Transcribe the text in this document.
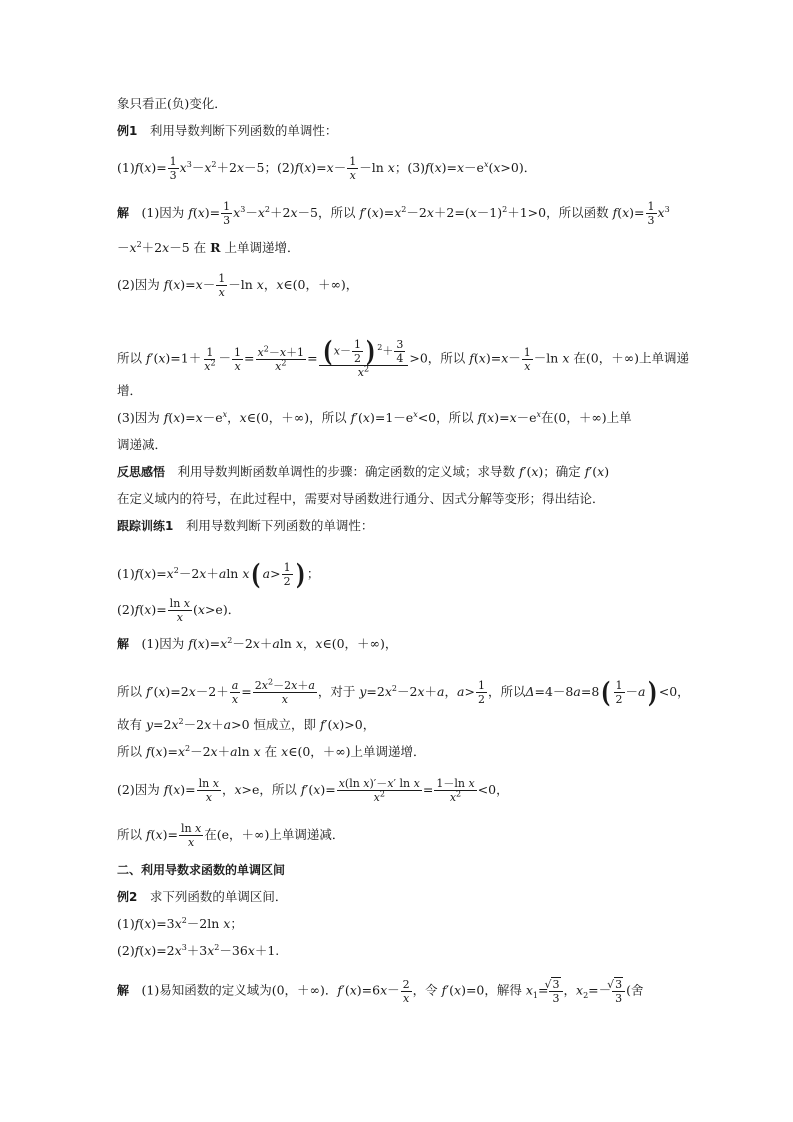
象只看正(负)变化．
例1　利用导数判断下列函数的单调性：
$(1)f(x)= \frac{1}{3} x^3-x^2+2x-5$；$(2)f(x)=x- \frac{1}{x} -\ln$ x；$(3)f(x)=x-e^x(x>0)$．
解　(1)因为 $f(x)= \frac{1}{3} x^3-x^2+2x-5$，所以 $f'(x)=x^2-2x+2=(x-1)^2+1>0$，所以函数 $f(x)= \frac{1}{3} x^3$
$-x^2+2x-5$ 在 R 上单调递增．
(2)因为 $f(x)=x- \frac{1}{x} -\ln$ x，x∈(0，＋∞)，
所以 $f'(x)=1+ \frac{1}{x^2} - \frac{1}{x} = \frac{x^2-x+1}{x^2} = \frac{( x- \frac{1}{2} ) ^2+ \frac{3}{4}}{x^2} >0$，所以 $f(x)=x- \frac{1}{x} -\ln$ x 在(0，＋∞)上单调递
增．
(3)因为 $f(x)=x-e^x$，x∈(0，＋∞)，所以 $f'(x)=1-e^x<0$，所以 $f(x)=x-e^x$在(0，＋∞)上单
调递减．
反思感悟　利用导数判断函数单调性的步骤：确定函数的定义域；求导数 f′(x)；确定 f′(x)
在定义域内的符号，在此过程中，需要对导函数进行通分、因式分解等变形；得出结论．
跟踪训练1　利用导数判断下列函数的单调性：
$(1)f(x)=x^2-2x+aln$ x( $a> \frac{1}{2}$ ) ；
$(2)f(x)= \frac{\text{ln x}}{x} (x>e)$．
解　(1)因为 $f(x)=x^2-2x+aln$ x，x∈(0，＋∞)，
所以 $f'(x)=2x-2+ \frac{a}{x} = \frac{2x^2-2x+a}{x}$ ，对于 $y=2x^2-2x+a$，$a> \frac{1}{2}$ ，所以$\Delta=4-8a=8( \frac{1}{2} -a) <0$，
故有 $y=2x^2-2x+a>0$ 恒成立，即 f′(x)>0，
所以 $f(x)=x^2-2x+aln$ x 在 x∈(0，＋∞)上单调递增．
(2)因为 $f(x)= \frac{\text{ln x}}{x}$ ，x>e，所以 $f'(x)= \frac{\text{x(ln x)′－x′ ln x}}{x^2} = \frac{\text{1－ln x}}{x^2} <0$，
所以 $f(x)= \frac{\text{ln x}}{x}$ 在(e，＋∞)上单调递减．
二、利用导数求函数的单调区间
例2　求下列函数的单调区间．
$(1)f(x)=3x^2-2\ln$ x；
$(2)f(x)=2x^3+3x^2-36x+1$.
解　(1)易知函数的定义域为(0，＋∞)．$f'(x)=6x- \frac{2}{x}$ ，令 f′(x)=0，解得 $x_1=$ √ $\frac{3}{3}$ ，$x_2=-$ √ $\frac{3}{3}$ (舍
